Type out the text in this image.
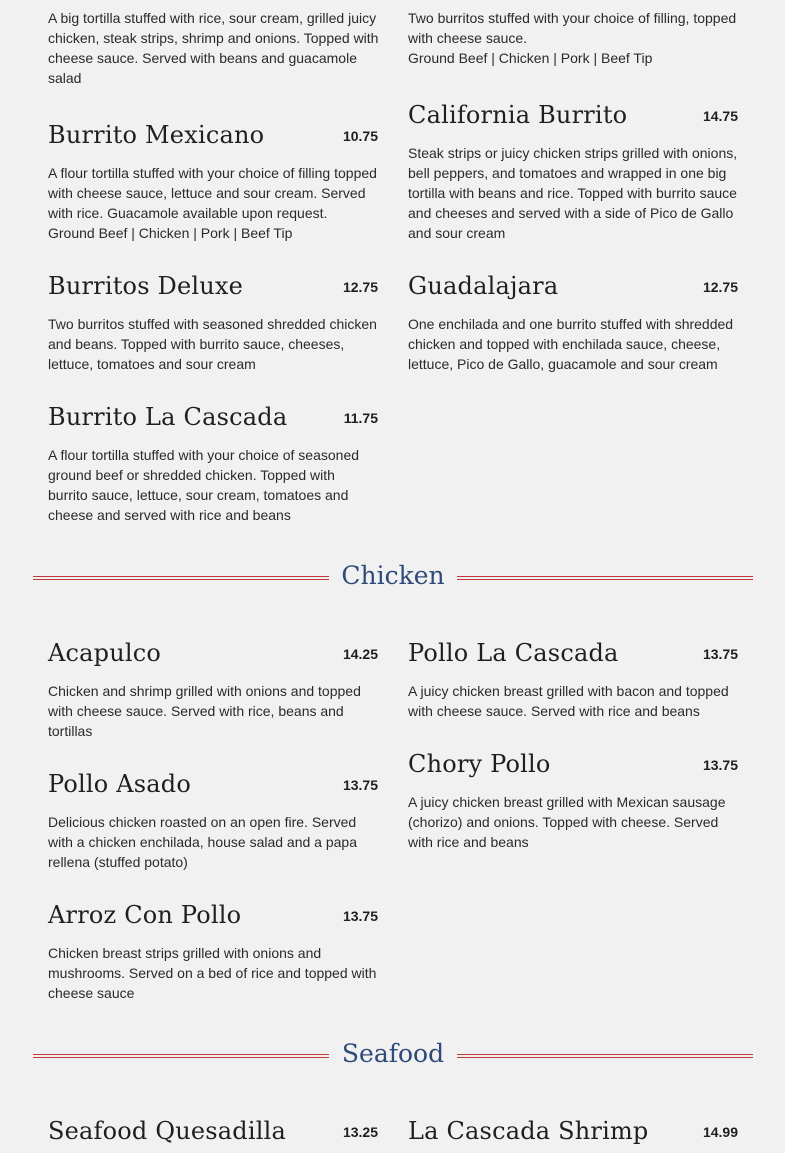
A big tortilla stuffed with rice, sour cream, grilled juicy chicken, steak strips, shrimp and onions. Topped with cheese sauce. Served with beans and guacamole salad
Two burritos stuffed with your choice of filling, topped with cheese sauce.
Ground Beef | Chicken | Pork | Beef Tip
Burrito Mexicano	10.75
A flour tortilla stuffed with your choice of filling topped with cheese sauce, lettuce and sour cream. Served with rice. Guacamole available upon request.
Ground Beef | Chicken | Pork | Beef Tip
California Burrito	14.75
Steak strips or juicy chicken strips grilled with onions, bell peppers, and tomatoes and wrapped in one big tortilla with beans and rice. Topped with burrito sauce and cheeses and served with a side of Pico de Gallo and sour cream
Burritos Deluxe	12.75
Two burritos stuffed with seasoned shredded chicken and beans. Topped with burrito sauce, cheeses, lettuce, tomatoes and sour cream
Guadalajara	12.75
One enchilada and one burrito stuffed with shredded chicken and topped with enchilada sauce, cheese, lettuce, Pico de Gallo, guacamole and sour cream
Burrito La Cascada	11.75
A flour tortilla stuffed with your choice of seasoned ground beef or shredded chicken. Topped with burrito sauce, lettuce, sour cream, tomatoes and cheese and served with rice and beans
Chicken
Acapulco	14.25
Chicken and shrimp grilled with onions and topped with cheese sauce. Served with rice, beans and tortillas
Pollo La Cascada	13.75
A juicy chicken breast grilled with bacon and topped with cheese sauce. Served with rice and beans
Pollo Asado	13.75
Delicious chicken roasted on an open fire. Served with a chicken enchilada, house salad and a papa rellena (stuffed potato)
Chory Pollo	13.75
A juicy chicken breast grilled with Mexican sausage (chorizo) and onions. Topped with cheese. Served with rice and beans
Arroz Con Pollo	13.75
Chicken breast strips grilled with onions and mushrooms. Served on a bed of rice and topped with cheese sauce
Seafood
Seafood Quesadilla	13.25 La Cascada Shrimp	14.99
